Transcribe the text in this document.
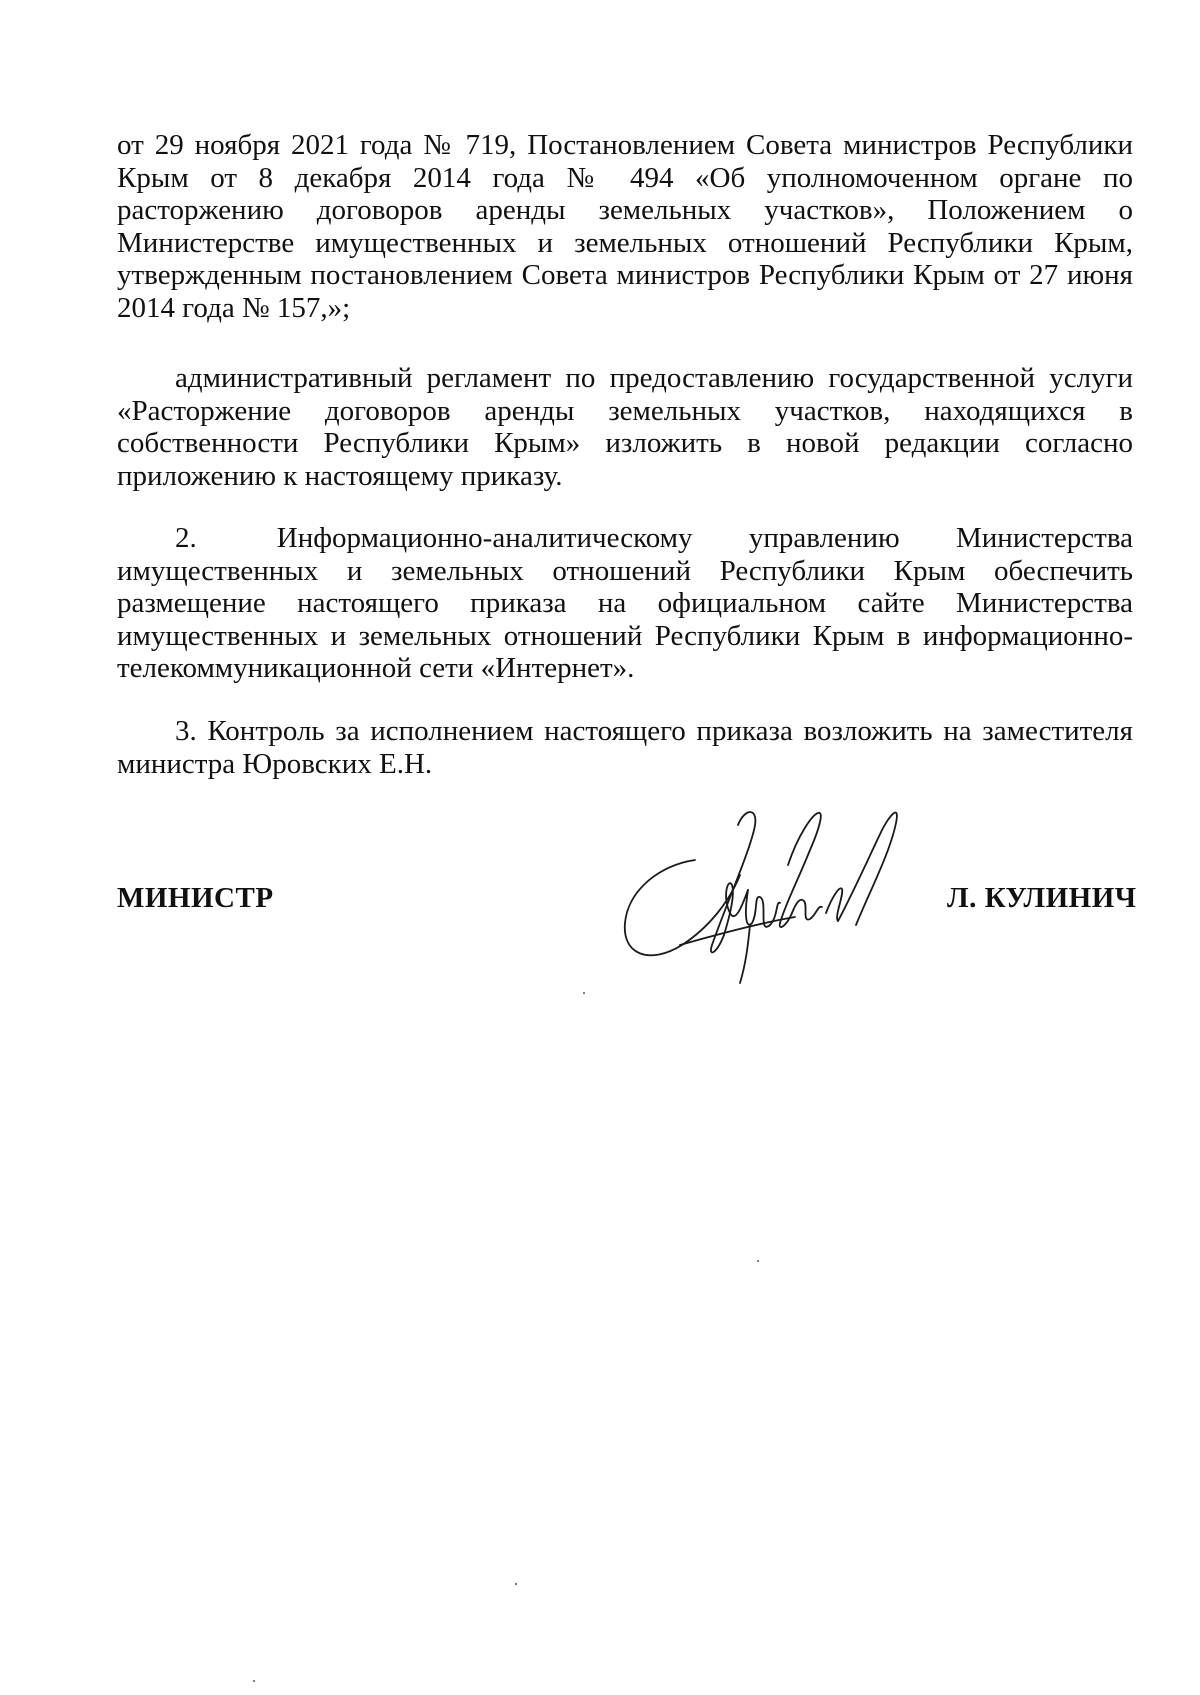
от 29 ноября 2021 года № 719, Постановлением Совета министров Республики Крым от 8 декабря 2014 года № 494 «Об уполномоченном органе по расторжению договоров аренды земельных участков», Положением о Министерстве имущественных и земельных отношений Республики Крым, утвержденным постановлением Совета министров Республики Крым от 27 июня 2014 года № 157,»;

административный регламент по предоставлению государственной услуги «Расторжение договоров аренды земельных участков, находящихся в собственности Республики Крым» изложить в новой редакции согласно приложению к настоящему приказу.

2.	Информационно-аналитическому управлению Министерства имущественных и земельных отношений Республики Крым обеспечить размещение настоящего приказа на официальном сайте Министерства имущественных и земельных отношений Республики Крым в информационно-телекоммуникационной сети «Интернет».

3. Контроль за исполнением настоящего приказа возложить на заместителя министра Юровских Е.Н.

МИНИСТР	Л. КУЛИНИЧ
